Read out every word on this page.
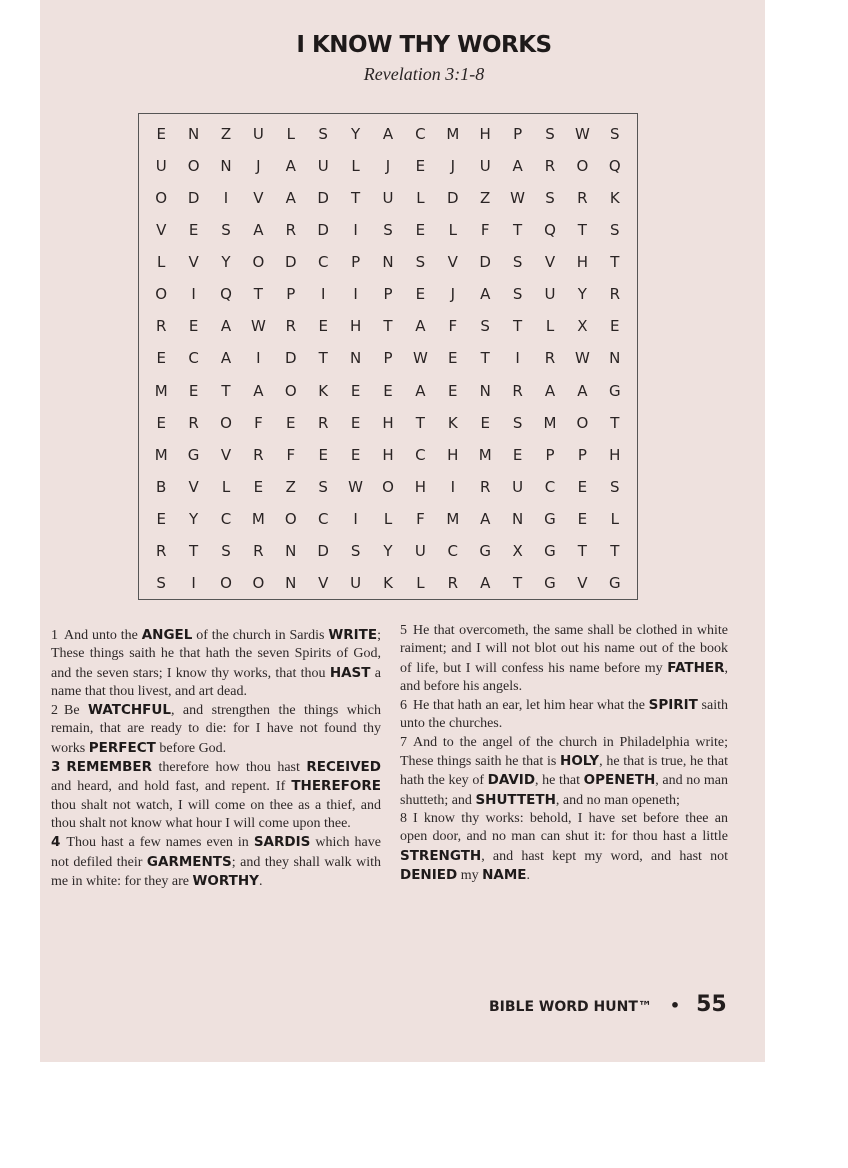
I KNOW THY WORKS
Revelation 3:1-8
E	N	Z	U	L	S	Y	A	C	M	H	P	S	W	S
U	O	N	J	A	U	L	J	E	J	U	A	R	O	Q
O	D	I	V	A	D	T	U	L	D	Z	W	S	R	K
V	E	S	A	R	D	I	S	E	L	F	T	Q	T	S
L	V	Y	O	D	C	P	N	S	V	D	S	V	H	T
O	I	Q	T	P	I	I	P	E	J	A	S	U	Y	R
R	E	A	W	R	E	H	T	A	F	S	T	L	X	E
E	C	A	I	D	T	N	P	W	E	T	I	R	W	N
M	E	T	A	O	K	E	E	A	E	N	R	A	A	G
E	R	O	F	E	R	E	H	T	K	E	S	M	O	T
M	G	V	R	F	E	E	H	C	H	M	E	P	P	H
B	V	L	E	Z	S	W	O	H	I	R	U	C	E	S
E	Y	C	M	O	C	I	L	F	M	A	N	G	E	L
R	T	S	R	N	D	S	Y	U	C	G	X	G	T	T
S	I	O	O	N	V	U	K	L	R	A	T	G	V	G

1 And unto the ANGEL of the church in Sardis WRITE; These things saith he that hath the seven Spirits of God, and the seven stars; I know thy works, that thou HAST a name that thou livest, and art dead.

2 Be WATCHFUL, and strengthen the things which remain, that are ready to die: for I have not found thy works PERFECT before God.

3 REMEMBER therefore how thou hast RECEIVED and heard, and hold fast, and repent. If THEREFORE thou shalt not watch, I will come on thee as a thief, and thou shalt not know what hour I will come upon thee.

4 Thou hast a few names even in SARDIS which have not defiled their GARMENTS; and they shall walk with me in white: for they are WORTHY.

5 He that overcometh, the same shall be clothed in white raiment; and I will not blot out his name out of the book of life, but I will confess his name before my FATHER, and before his angels.

6 He that hath an ear, let him hear what the SPIRIT saith unto the churches.

7 And to the angel of the church in Philadelphia write; These things saith he that is HOLY, he that is true, he that hath the key of DAVID, he that OPENETH, and no man shutteth; and SHUTTETH, and no man openeth;

8 I know thy works: behold, I have set before thee an open door, and no man can shut it: for thou hast a little STRENGTH, and hast kept my word, and hast not DENIED my NAME.

BIBLE WORD HUNT™ • 55
